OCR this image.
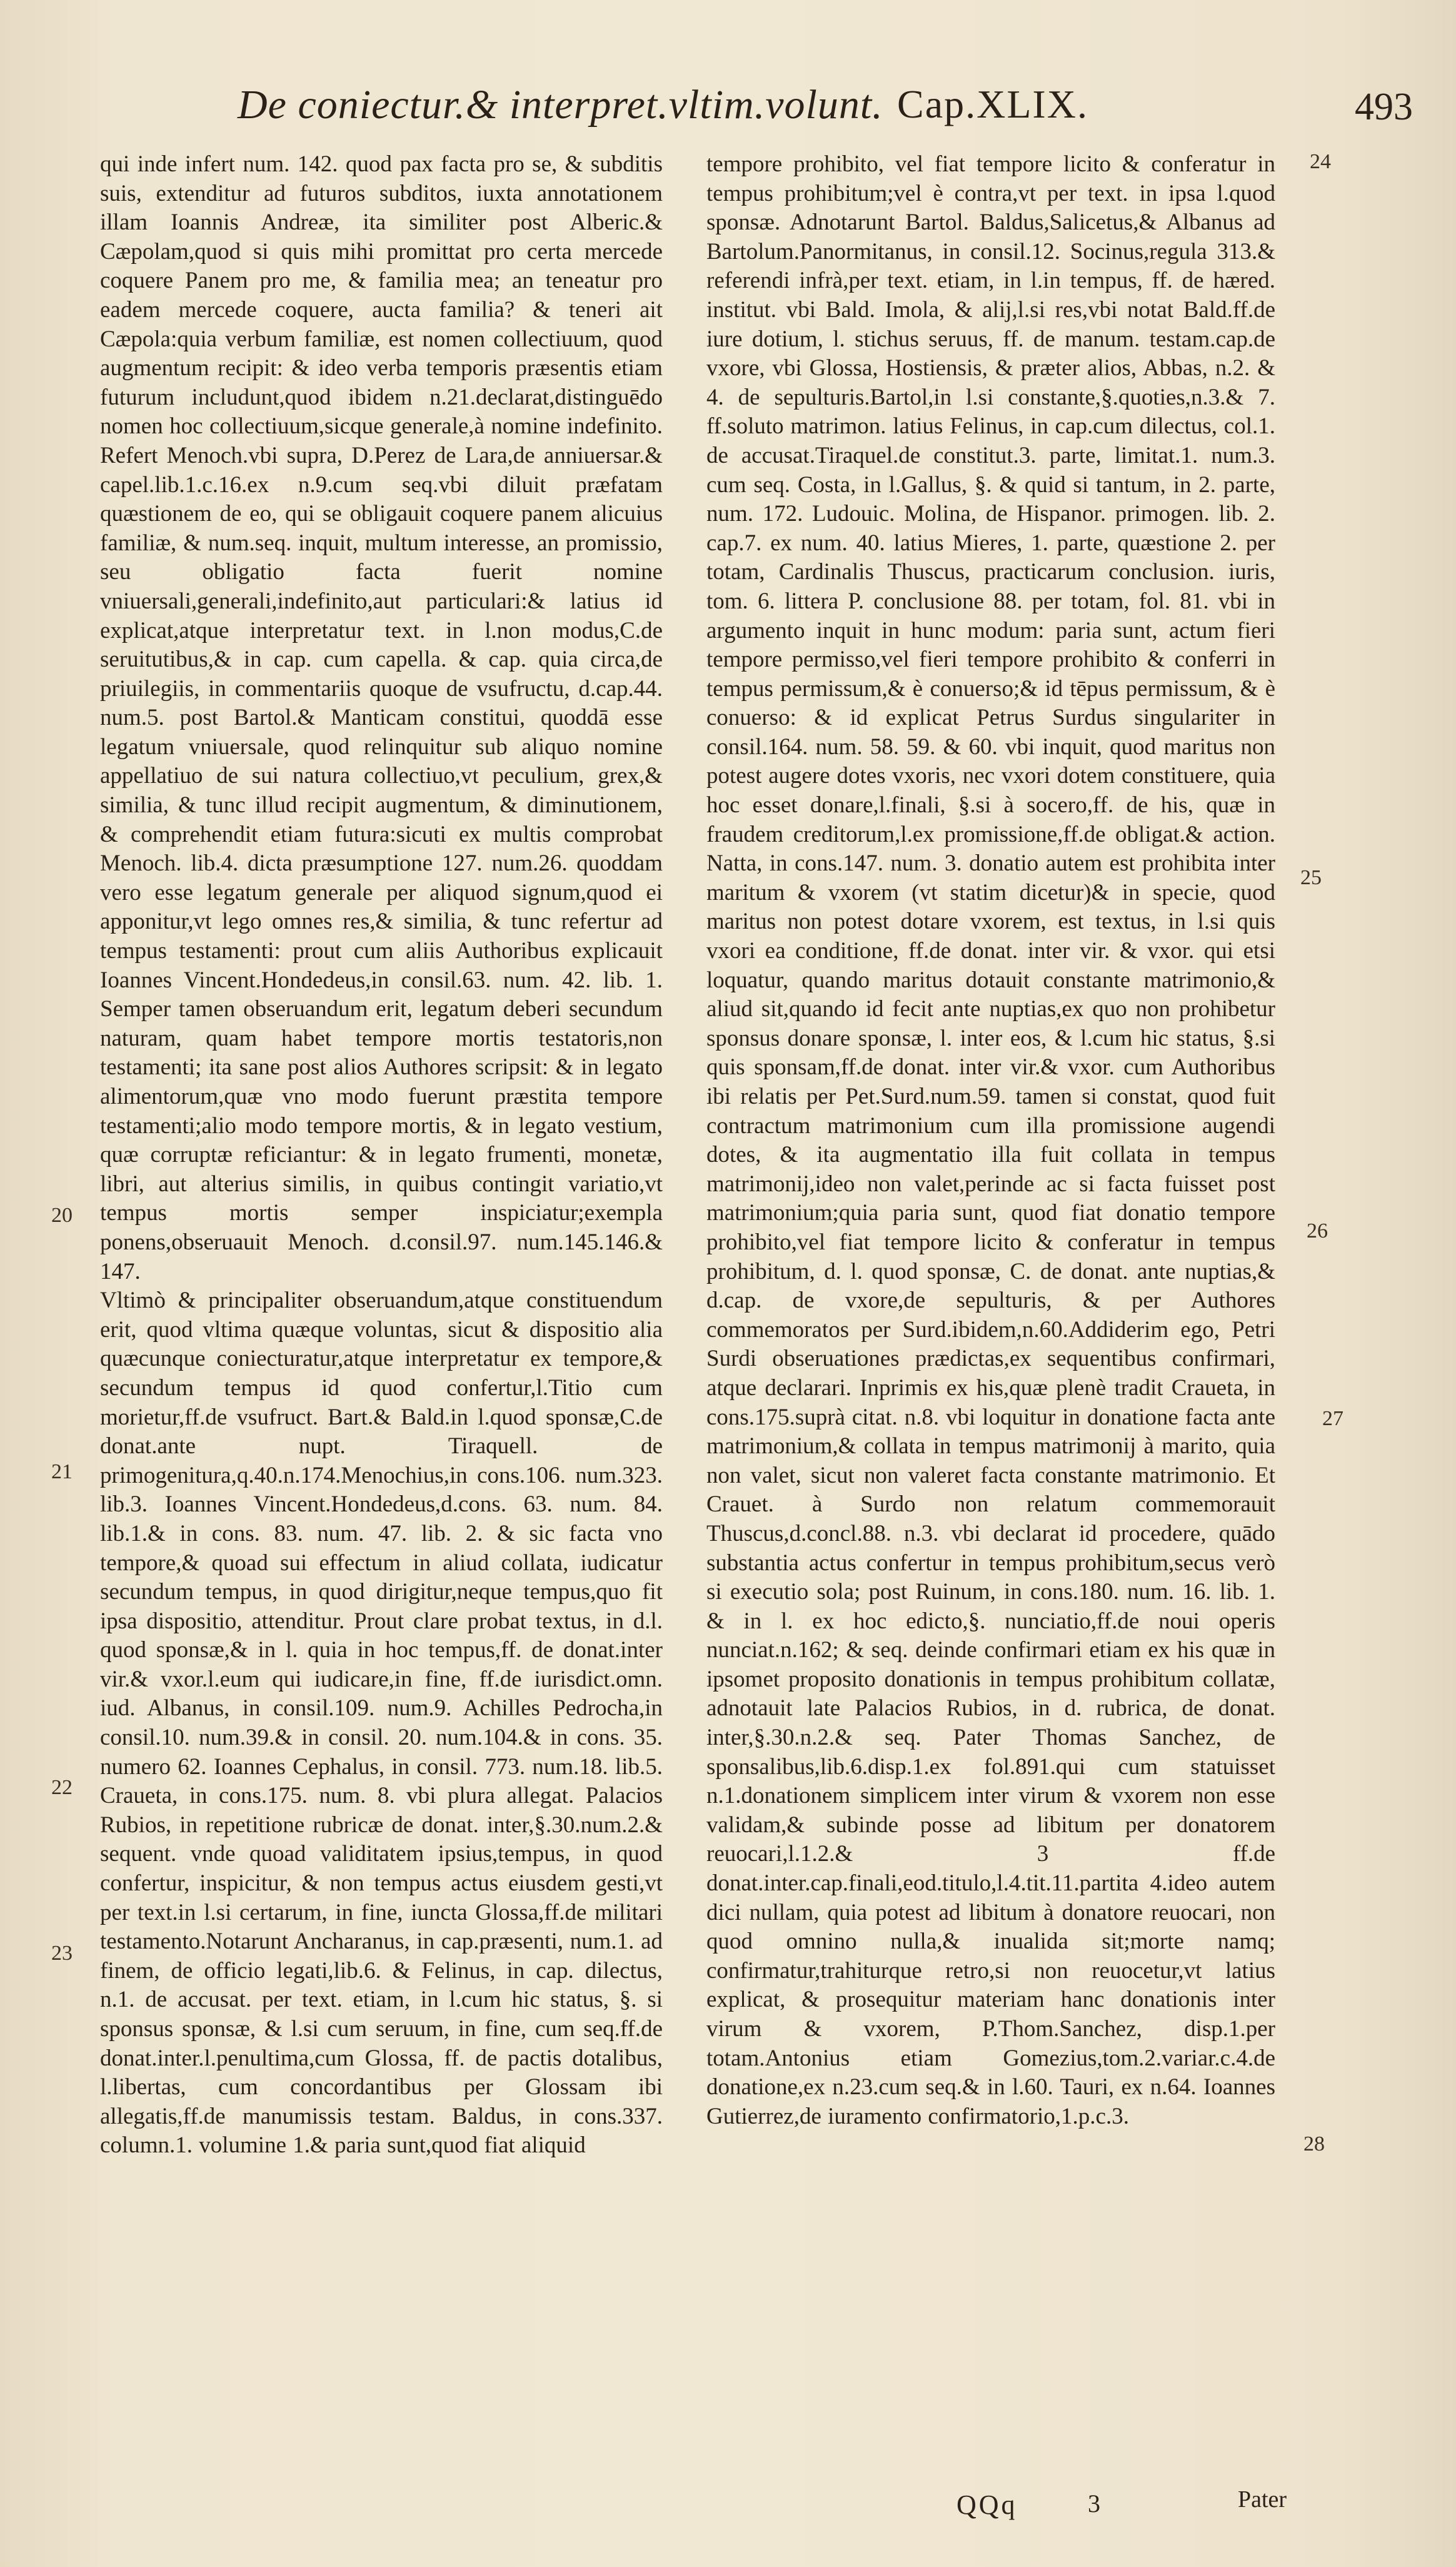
De coniectur.& interpret.vltim.volunt. Cap.XLIX.	493

qui inde infert num. 142. quod pax facta pro se, & subditis suis, extenditur ad futuros subditos, iuxta annotationem illam Ioannis Andreæ, ita similiter post Alberic.& Cæpolam,quod si quis mihi promittat pro certa mercede coquere Panem pro me, & familia mea; an teneatur pro eadem mercede coquere, aucta familia? & teneri ait Cæpola:quia verbum familiæ, est nomen collectiuum, quod augmentum recipit: & ideo verba temporis præsentis etiam futurum includunt,quod ibidem n.21.declarat,distinguēdo nomen hoc collectiuum,sicque generale,à nomine indefinito. Refert Menoch.vbi supra, D.Perez de Lara,de anniuersar.& capel.lib.1.c.16.ex n.9.cum seq.vbi diluit præfatam quæstionem de eo, qui se obligauit coquere panem alicuius familiæ, & num.seq. inquit, multum interesse, an promissio, seu obligatio facta fuerit nomine vniuersali,generali,indefinito,aut particulari:& latius id explicat,atque interpretatur text. in l.non modus,C.de seruitutibus,& in cap. cum capella. & cap. quia circa,de priuilegiis, in commentariis quoque de vsufructu, d.cap.44. num.5. post Bartol.& Manticam constitui, quoddā esse legatum vniuersale, quod relinquitur sub aliquo nomine appellatiuo de sui natura collectiuo,vt peculium, grex,& similia, & tunc illud recipit augmentum, & diminutionem, & comprehendit etiam futura:sicuti ex multis comprobat Menoch. lib.4. dicta præsumptione 127. num.26. quoddam vero esse legatum generale per aliquod signum,quod ei apponitur,vt lego omnes res,& similia, & tunc refertur ad tempus testamenti: prout cum aliis Authoribus explicauit Ioannes Vincent.Hondedeus,in consil.63. num. 42. lib. 1. Semper tamen obseruandum erit, legatum deberi secundum naturam, quam habet tempore mortis testatoris,non testamenti; ita sane post alios Authores scripsit: & in legato alimentorum,quæ vno modo fuerunt præstita tempore testamenti;alio modo tempore mortis, & in legato vestium, quæ corruptæ reficiantur: & in legato frumenti, monetæ, libri, aut alterius similis, in quibus contingit variatio,vt tempus mortis semper inspiciatur;exempla ponens,obseruauit Menoch. d.consil.97. num.145.146.& 147.

Vltimò & principaliter obseruandum,atque constituendum erit, quod vltima quæque voluntas, sicut & dispositio alia quæcunque coniecturatur,atque interpretatur ex tempore,& secundum tempus id quod confertur,l.Titio cum morietur,ff.de vsufruct. Bart.& Bald.in l.quod sponsæ,C.de donat.ante nupt. Tiraquell. de primogenitura,q.40.n.174.Menochius,in cons.106. num.323. lib.3. Ioannes Vincent.Hondedeus,d.cons. 63. num. 84. lib.1.& in cons. 83. num. 47. lib. 2. & sic facta vno tempore,& quoad sui effectum in aliud collata, iudicatur secundum tempus, in quod dirigitur,neque tempus,quo fit ipsa dispositio, attenditur. Prout clare probat textus, in d.l. quod sponsæ,& in l. quia in hoc tempus,ff. de donat.inter vir.& vxor.l.eum qui iudicare,in fine, ff.de iurisdict.omn. iud. Albanus, in consil.109. num.9. Achilles Pedrocha,in consil.10. num.39.& in consil. 20. num.104.& in cons. 35. numero 62. Ioannes Cephalus, in consil. 773. num.18. lib.5. Craueta, in cons.175. num. 8. vbi plura allegat. Palacios Rubios, in repetitione rubricæ de donat. inter,§.30.num.2.& sequent. vnde quoad validitatem ipsius,tempus, in quod confertur, inspicitur, & non tempus actus eiusdem gesti,vt per text.in l.si certarum, in fine, iuncta Glossa,ff.de militari testamento.Notarunt Ancharanus, in cap.præsenti, num.1. ad finem, de officio legati,lib.6. & Felinus, in cap. dilectus, n.1. de accusat. per text. etiam, in l.cum hic status, §. si sponsus sponsæ, & l.si cum seruum, in fine, cum seq.ff.de donat.inter.l.penultima,cum Glossa, ff. de pactis dotalibus, l.libertas, cum concordantibus per Glossam ibi allegatis,ff.de manumissis testam. Baldus, in cons.337. column.1. volumine 1.& paria sunt,quod fiat aliquid

tempore prohibito, vel fiat tempore licito & conferatur in tempus prohibitum;vel è contra,vt per text. in ipsa l.quod sponsæ. Adnotarunt Bartol. Baldus,Salicetus,& Albanus ad Bartolum.Panormitanus, in consil.12. Socinus,regula 313.& referendi infrà,per text. etiam, in l.in tempus, ff. de hæred. institut. vbi Bald. Imola, & alij,l.si res,vbi notat Bald.ff.de iure dotium, l. stichus seruus, ff. de manum. testam.cap.de vxore, vbi Glossa, Hostiensis, & præter alios, Abbas, n.2. & 4. de sepulturis.Bartol,in l.si constante,§.quoties,n.3.& 7. ff.soluto matrimon. latius Felinus, in cap.cum dilectus, col.1. de accusat.Tiraquel.de constitut.3. parte, limitat.1. num.3. cum seq. Costa, in l.Gallus, §. & quid si tantum, in 2. parte, num. 172. Ludouic. Molina, de Hispanor. primogen. lib. 2. cap.7. ex num. 40. latius Mieres, 1. parte, quæstione 2. per totam, Cardinalis Thuscus, practicarum conclusion. iuris, tom. 6. littera P. conclusione 88. per totam, fol. 81. vbi in argumento inquit in hunc modum: paria sunt, actum fieri tempore permisso,vel fieri tempore prohibito & conferri in tempus permissum,& è conuerso;& id tēpus permissum, & è conuerso: & id explicat Petrus Surdus singulariter in consil.164. num. 58. 59. & 60. vbi inquit, quod maritus non potest augere dotes vxoris, nec vxori dotem constituere, quia hoc esset donare,l.finali, §.si à socero,ff. de his, quæ in fraudem creditorum,l.ex promissione,ff.de obligat.& action. Natta, in cons.147. num. 3. donatio autem est prohibita inter maritum & vxorem (vt statim dicetur)& in specie, quod maritus non potest dotare vxorem, est textus, in l.si quis vxori ea conditione, ff.de donat. inter vir. & vxor. qui etsi loquatur, quando maritus dotauit constante matrimonio,& aliud sit,quando id fecit ante nuptias,ex quo non prohibetur sponsus donare sponsæ, l. inter eos, & l.cum hic status, §.si quis sponsam,ff.de donat. inter vir.& vxor. cum Authoribus ibi relatis per Pet.Surd.num.59. tamen si constat, quod fuit contractum matrimonium cum illa promissione augendi dotes, & ita augmentatio illa fuit collata in tempus matrimonij,ideo non valet,perinde ac si facta fuisset post matrimonium;quia paria sunt, quod fiat donatio tempore prohibito,vel fiat tempore licito & conferatur in tempus prohibitum, d. l. quod sponsæ, C. de donat. ante nuptias,& d.cap. de vxore,de sepulturis, & per Authores commemoratos per Surd.ibidem,n.60.Addiderim ego, Petri Surdi obseruationes prædictas,ex sequentibus confirmari, atque declarari. Inprimis ex his,quæ plenè tradit Craueta, in cons.175.suprà citat. n.8. vbi loquitur in donatione facta ante matrimonium,& collata in tempus matrimonij à marito, quia non valet, sicut non valeret facta constante matrimonio. Et Crauet. à Surdo non relatum commemorauit Thuscus,d.concl.88. n.3. vbi declarat id procedere, quādo substantia actus confertur in tempus prohibitum,secus verò si executio sola; post Ruinum, in cons.180. num. 16. lib. 1. & in l. ex hoc edicto,§. nunciatio,ff.de noui operis nunciat.n.162; & seq. deinde confirmari etiam ex his quæ in ipsomet proposito donationis in tempus prohibitum collatæ, adnotauit late Palacios Rubios, in d. rubrica, de donat. inter,§.30.n.2.& seq. Pater Thomas Sanchez, de sponsalibus,lib.6.disp.1.ex fol.891.qui cum statuisset n.1.donationem simplicem inter virum & vxorem non esse validam,& subinde posse ad libitum per donatorem reuocari,l.1.2.& 3 ff.de donat.inter.cap.finali,eod.titulo,l.4.tit.11.partita 4.ideo autem dici nullam, quia potest ad libitum à donatore reuocari, non quod omnino nulla,& inualida sit;morte namq; confirmatur,trahiturque retro,si non reuocetur,vt latius explicat, & prosequitur materiam hanc donationis inter virum & vxorem, P.Thom.Sanchez, disp.1.per totam.Antonius etiam Gomezius,tom.2.variar.c.4.de donatione,ex n.23.cum seq.& in l.60. Tauri, ex n.64. Ioannes Gutierrez,de iuramento confirmatorio,1.p.c.3.

20
21
22
23
24
25
26
27
28
QQq	3	Pater
